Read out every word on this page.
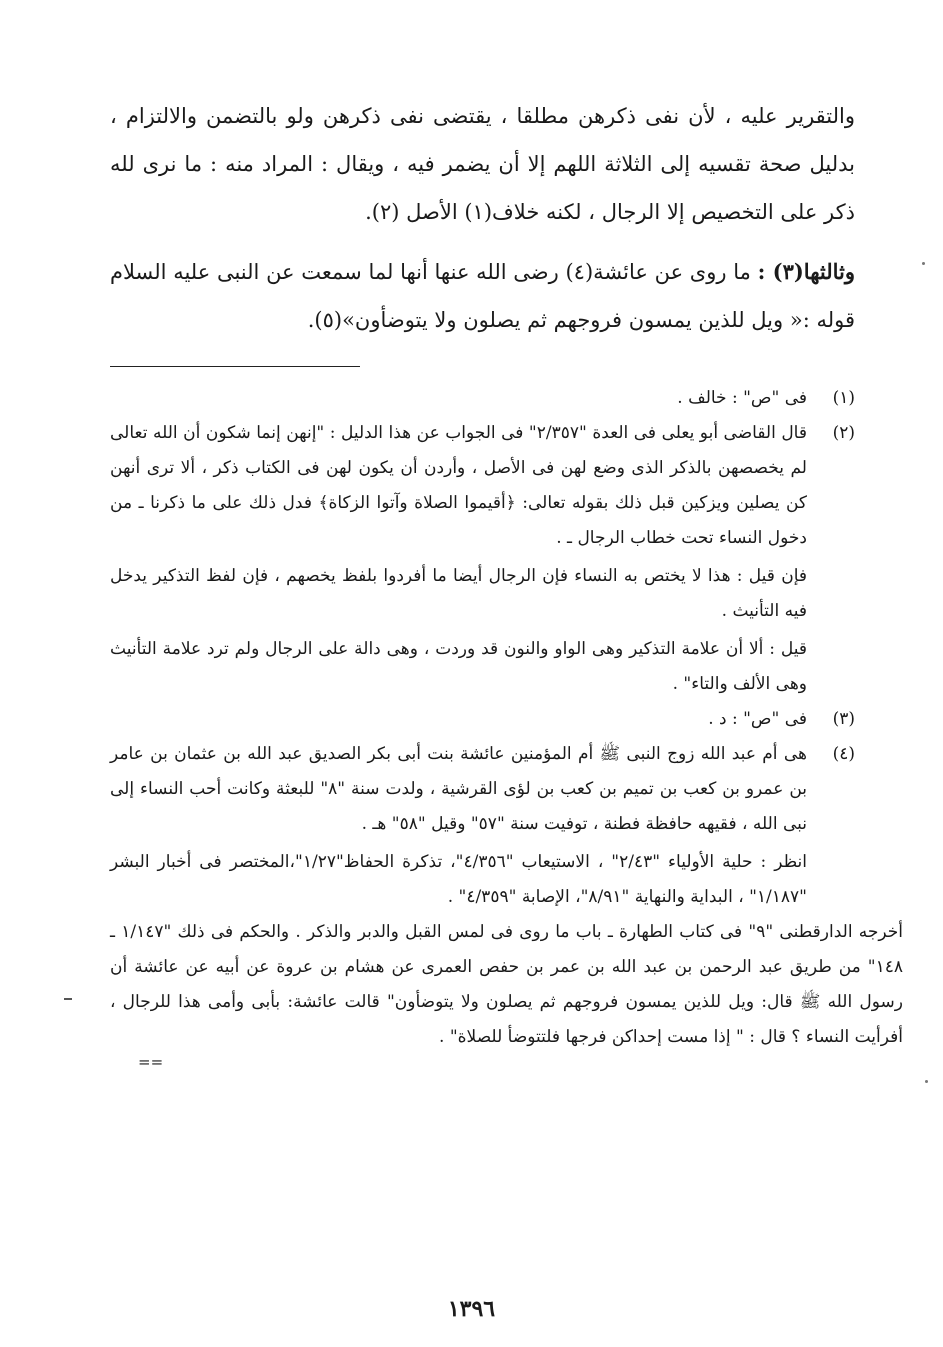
والتقرير عليه ، لأن نفى ذكرهن مطلقا ، يقتضى نفى ذكرهن ولو بالتضمن والالتزام ، بدليل صحة تقسيه إلى الثلاثة اللهم إلا أن يضمر فيه ، ويقال : المراد منه : ما نرى لله ذكر على التخصيص إلا الرجال ، لكنه خلاف(١) الأصل (٢).

وثالثها(٣) : ما روى عن عائشة(٤) رضى الله عنها أنها لما سمعت عن النبى عليه السلام قوله :« ويل للذين يمسون فروجهم ثم يصلون ولا يتوضأون»(٥).

(١)

فى "ص" : خالف .

(٢)

قال القاضى أبو يعلى فى العدة "٢/٣٥٧" فى الجواب عن هذا الدليل : "إنهن إنما شكون أن الله تعالى لم يخصصهن بالذكر الذى وضع لهن فى الأصل ، وأردن أن يكون لهن فى الكتاب ذكر ، ألا ترى أنهن كن يصلين ويزكين قبل ذلك بقوله تعالى: ﴿أقيموا الصلاة وآتوا الزكاة﴾ فدل ذلك على ما ذكرنا ـ من دخول النساء تحت خطاب الرجال ـ .

فإن قيل : هذا لا يختص به النساء فإن الرجال أيضا ما أفردوا بلفظ يخصهم ، فإن لفظ التذكير يدخل فيه التأنيث .

قيل : ألا أن علامة التذكير وهى الواو والنون قد وردت ، وهى دالة على الرجال ولم ترد علامة التأنيث وهى الألف والتاء" .

(٣)

فى "ص" : د .

(٤)

هى أم عبد الله زوج النبى ﷺ أم المؤمنين عائشة بنت أبى بكر الصديق عبد الله بن عثمان بن عامر بن عمرو بن كعب بن تميم بن كعب بن لؤى القرشية ، ولدت سنة "٨" للبعثة وكانت أحب النساء إلى نبى الله ، فقيهه حافظة فطنة ، توفيت سنة "٥٧" وقيل "٥٨" هـ .

انظر : حلية الأولياء "٢/٤٣" ، الاستيعاب "٤/٣٥٦"، تذكرة الحفاظ"١/٢٧"،المختصر فى أخبار البشر "١/١٨٧" ، البداية والنهاية "٨/٩١"، الإصابة "٤/٣٥٩" .

أخرجه الدارقطنى "٩" فى كتاب الطهارة ـ باب ما روى فى لمس القبل والدبر والذكر . والحكم فى ذلك "١/١٤٧ ـ ١٤٨" من طريق عبد الرحمن بن عبد الله بن عمر بن حفص العمرى عن هشام بن عروة عن أبيه عن عائشة أن رسول الله ﷺ قال: ويل للذين يمسون فروجهم ثم يصلون ولا يتوضأون" قالت عائشة: بأبى وأمى هذا للرجال ، أفرأيت النساء ؟ قال : " إذا مست إحداكن فرجها فلتتوضأ للصلاة" .

==
١٣٩٦
